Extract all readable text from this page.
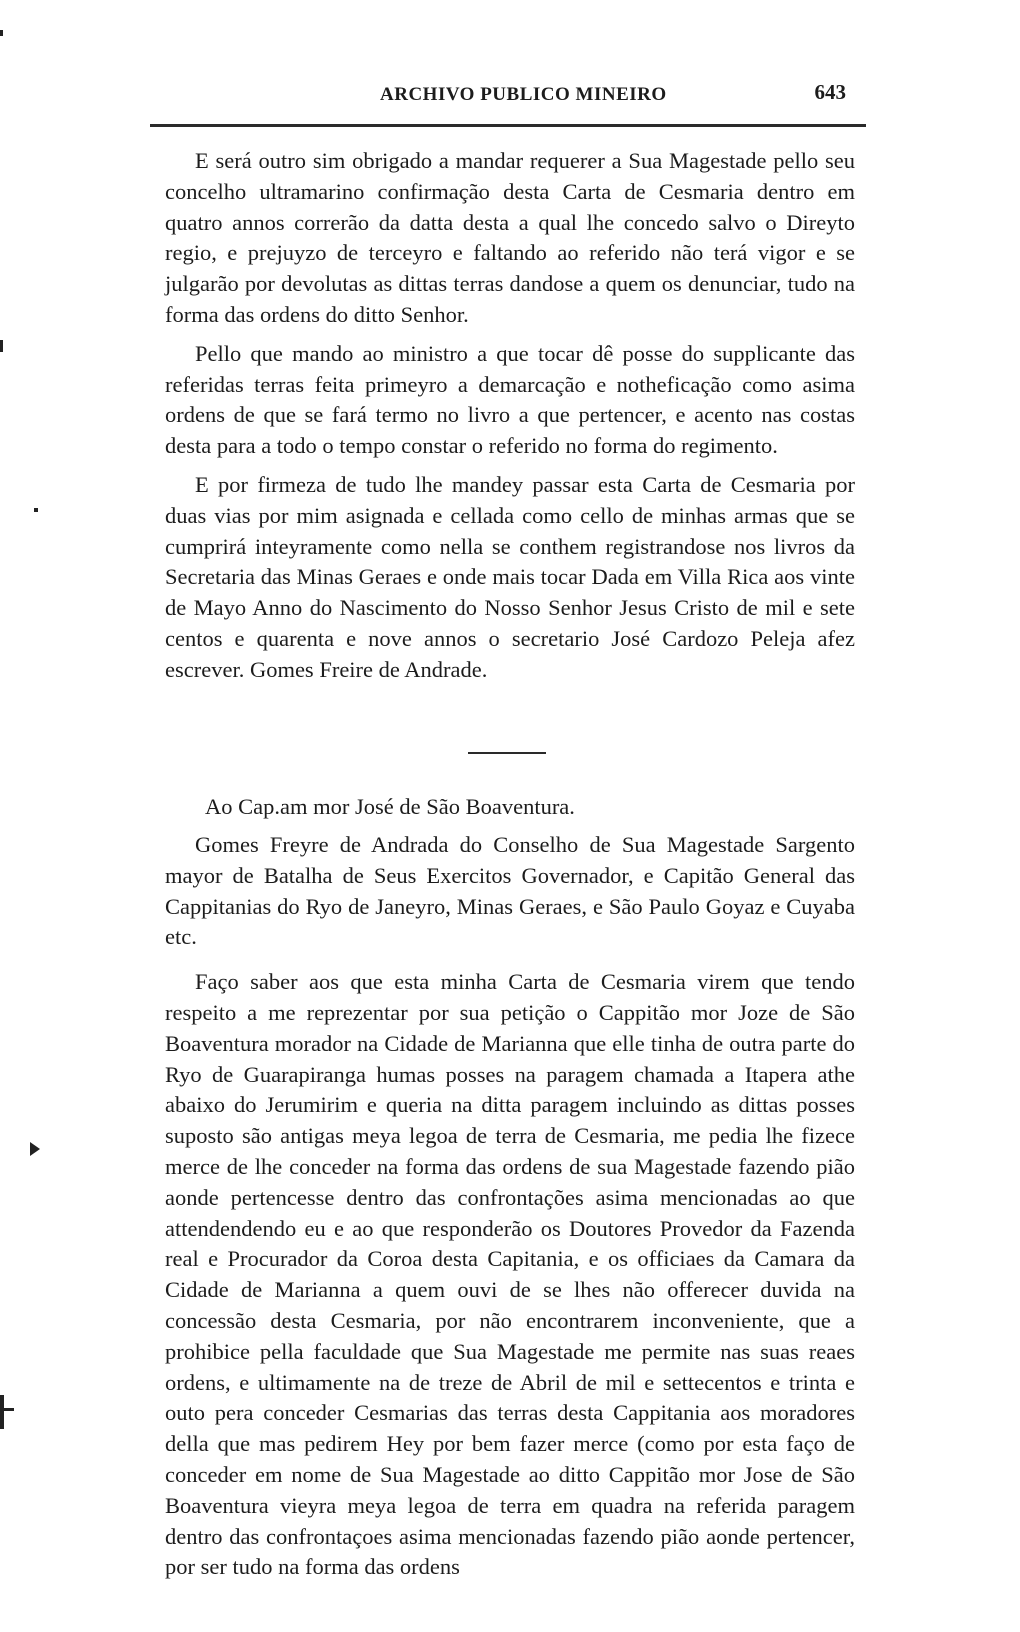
ARCHIVO PUBLICO MINEIRO	643

E será outro sim obrigado a mandar requerer a Sua Magestade pello seu concelho ultramarino confirmação desta Carta de Cesmaria dentro em quatro annos correrão da datta desta a qual lhe concedo salvo o Direyto regio, e prejuyzo de terceyro e faltando ao referido não terá vigor e se julgarão por devolutas as dittas terras dandose a quem os denunciar, tudo na forma das ordens do ditto Senhor.

Pello que mando ao ministro a que tocar dê posse do supplicante das referidas terras feita primeyro a demarcação e notheficação como asima ordens de que se fará termo no livro a que pertencer, e acento nas costas desta para a todo o tempo constar o referido no forma do regimento.

E por firmeza de tudo lhe mandey passar esta Carta de Cesmaria por duas vias por mim asignada e cellada como cello de minhas armas que se cumprirá inteyramente como nella se conthem registrandose nos livros da Secretaria das Minas Geraes e onde mais tocar Dada em Villa Rica aos vinte de Mayo Anno do Nascimento do Nosso Senhor Jesus Cristo de mil e sete centos e quarenta e nove annos o secretario José Cardozo Peleja afez escrever. Gomes Freire de Andrade.

Ao Cap.am mor José de São Boaventura.

Gomes Freyre de Andrada do Conselho de Sua Magestade Sargento mayor de Batalha de Seus Exercitos Governador, e Capitão General das Cappitanias do Ryo de Janeyro, Minas Geraes, e São Paulo Goyaz e Cuyaba etc.

Faço saber aos que esta minha Carta de Cesmaria virem que tendo respeito a me reprezentar por sua petição o Cappitão mor Joze de São Boaventura morador na Cidade de Marianna que elle tinha de outra parte do Ryo de Guarapiranga humas posses na paragem chamada a Itapera athe abaixo do Jerumirim e queria na ditta paragem incluindo as dittas posses suposto são antigas meya legoa de terra de Cesmaria, me pedia lhe fizece merce de lhe conceder na forma das ordens de sua Magestade fazendo pião aonde pertencesse dentro das confrontações asima mencionadas ao que attendendendo eu e ao que responderão os Doutores Provedor da Fazenda real e Procurador da Coroa desta Capitania, e os officiaes da Camara da Cidade de Marianna a quem ouvi de se lhes não offerecer duvida na concessão desta Cesmaria, por não encontrarem inconveniente, que a prohibice pella faculdade que Sua Magestade me permite nas suas reaes ordens, e ultimamente na de treze de Abril de mil e settecentos e trinta e outo pera conceder Cesmarias das terras desta Cappitania aos moradores della que mas pedirem Hey por bem fazer merce (como por esta faço de conceder em nome de Sua Magestade ao ditto Cappitão mor Jose de São Boaventura vieyra meya legoa de terra em quadra na referida paragem dentro das confrontaçoes asima mencionadas fazendo pião aonde pertencer, por ser tudo na forma das ordens
